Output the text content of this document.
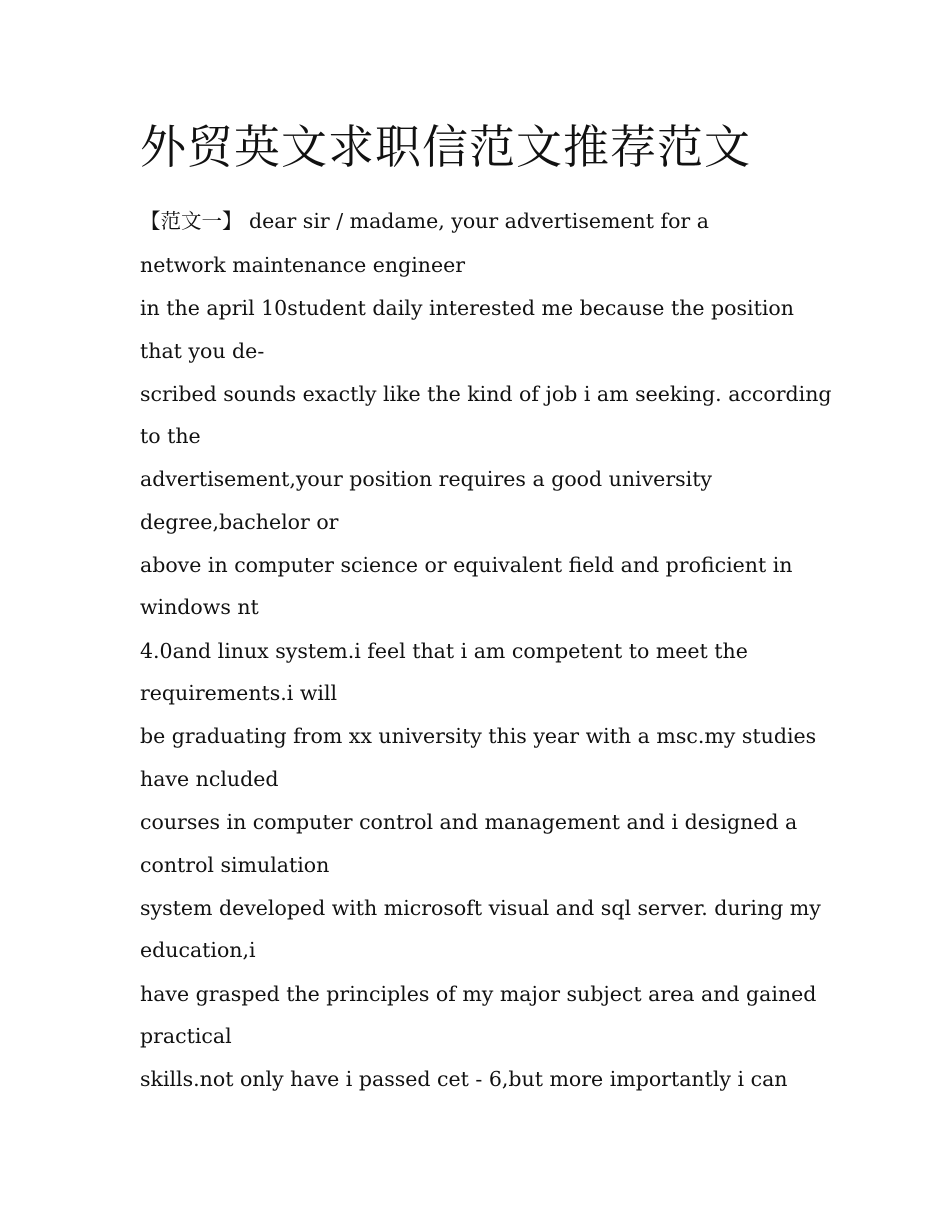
外贸英文求职信范文推荐范文

【范文一】 dear sir / madame, your advertisement for a

network maintenance engineer

in the april 10student daily interested me because the position

that you de-

scribed sounds exactly like the kind of job i am seeking. according

to the

advertisement,your position requires a good university

degree,bachelor or

above in computer science or equivalent field and proficient in

windows nt

4.0and linux system.i feel that i am competent to meet the

requirements.i will

be graduating from xx university this year with a msc.my studies

have ncluded

courses in computer control and management and i designed a

control simulation

system developed with microsoft visual and sql server. during my

education,i

have grasped the principles of my major subject area and gained

practical

skills.not only have i passed cet - 6,but more importantly i can
